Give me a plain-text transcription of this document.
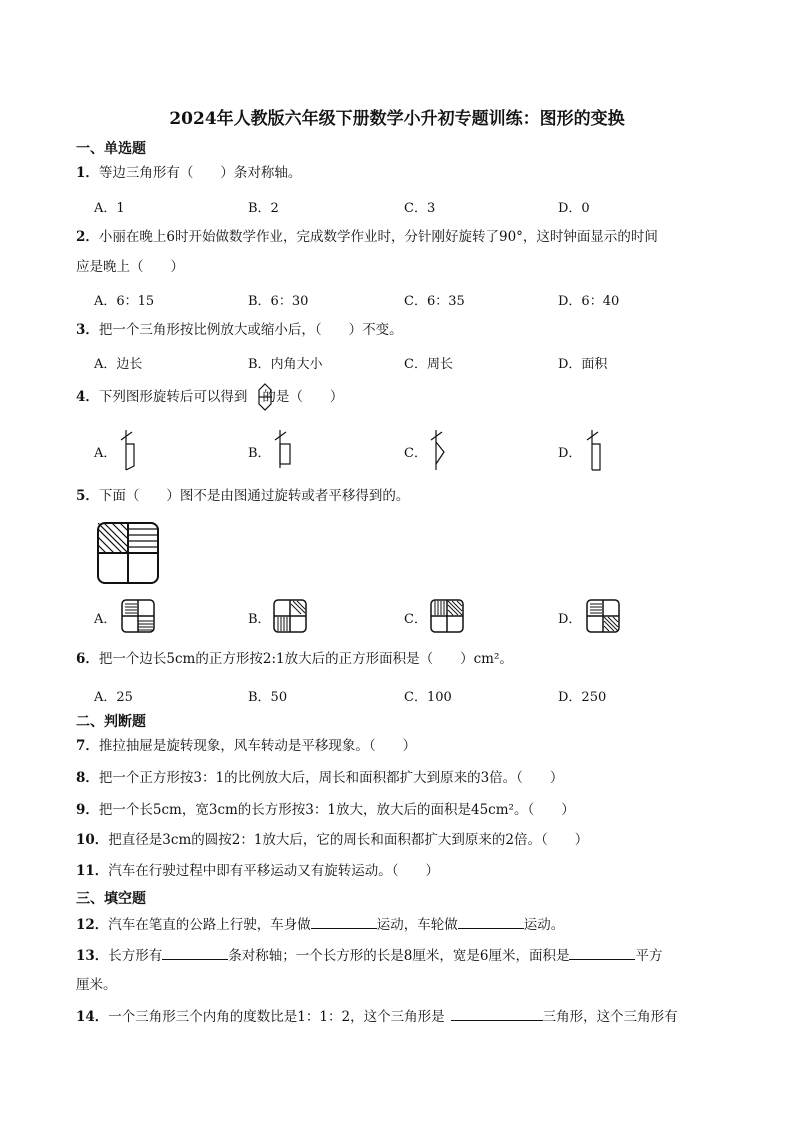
2024年人教版六年级下册数学小升初专题训练：图形的变换
一、单选题
1．等边三角形有（　　）条对称轴。
A．1	B．2	C．3	D．0
2．小丽在晚上6时开始做数学作业，完成数学作业时，分针刚好旋转了90°，这时钟面显示的时间
应是晚上（　　）
A．6：15	B．6：30	C．6：35	D．6：40
3．把一个三角形按比例放大或缩小后，（　　）不变。
A．边长	B．内角大小	C．周长	D．面积
4．下列图形旋转后可以得到 的是（　　）
A．	B．	C．	D．
5．下面（　　）图不是由图通过旋转或者平移得到的。
A．	B．	C．	D．
6．把一个边长5cm的正方形按2:1放大后的正方形面积是（　　）cm²。
A．25	B．50	C．100	D．250
二、判断题
7．推拉抽屉是旋转现象，风车转动是平移现象。（　　）
8．把一个正方形按3：1的比例放大后，周长和面积都扩大到原来的3倍。（　　）
9．把一个长5cm，宽3cm的长方形按3：1放大，放大后的面积是45cm²。（　　）
10．把直径是3cm的圆按2：1放大后，它的周长和面积都扩大到原来的2倍。（　　）
11．汽车在行驶过程中即有平移运动又有旋转运动。（　　）
三、填空题
12．汽车在笔直的公路上行驶，车身做	运动，车轮做	运动。
13．长方形有	条对称轴；一个长方形的长是8厘米，宽是6厘米，面积是	平方
厘米。
14．一个三角形三个内角的度数比是1：1：2，这个三角形是	三角形，这个三角形有
